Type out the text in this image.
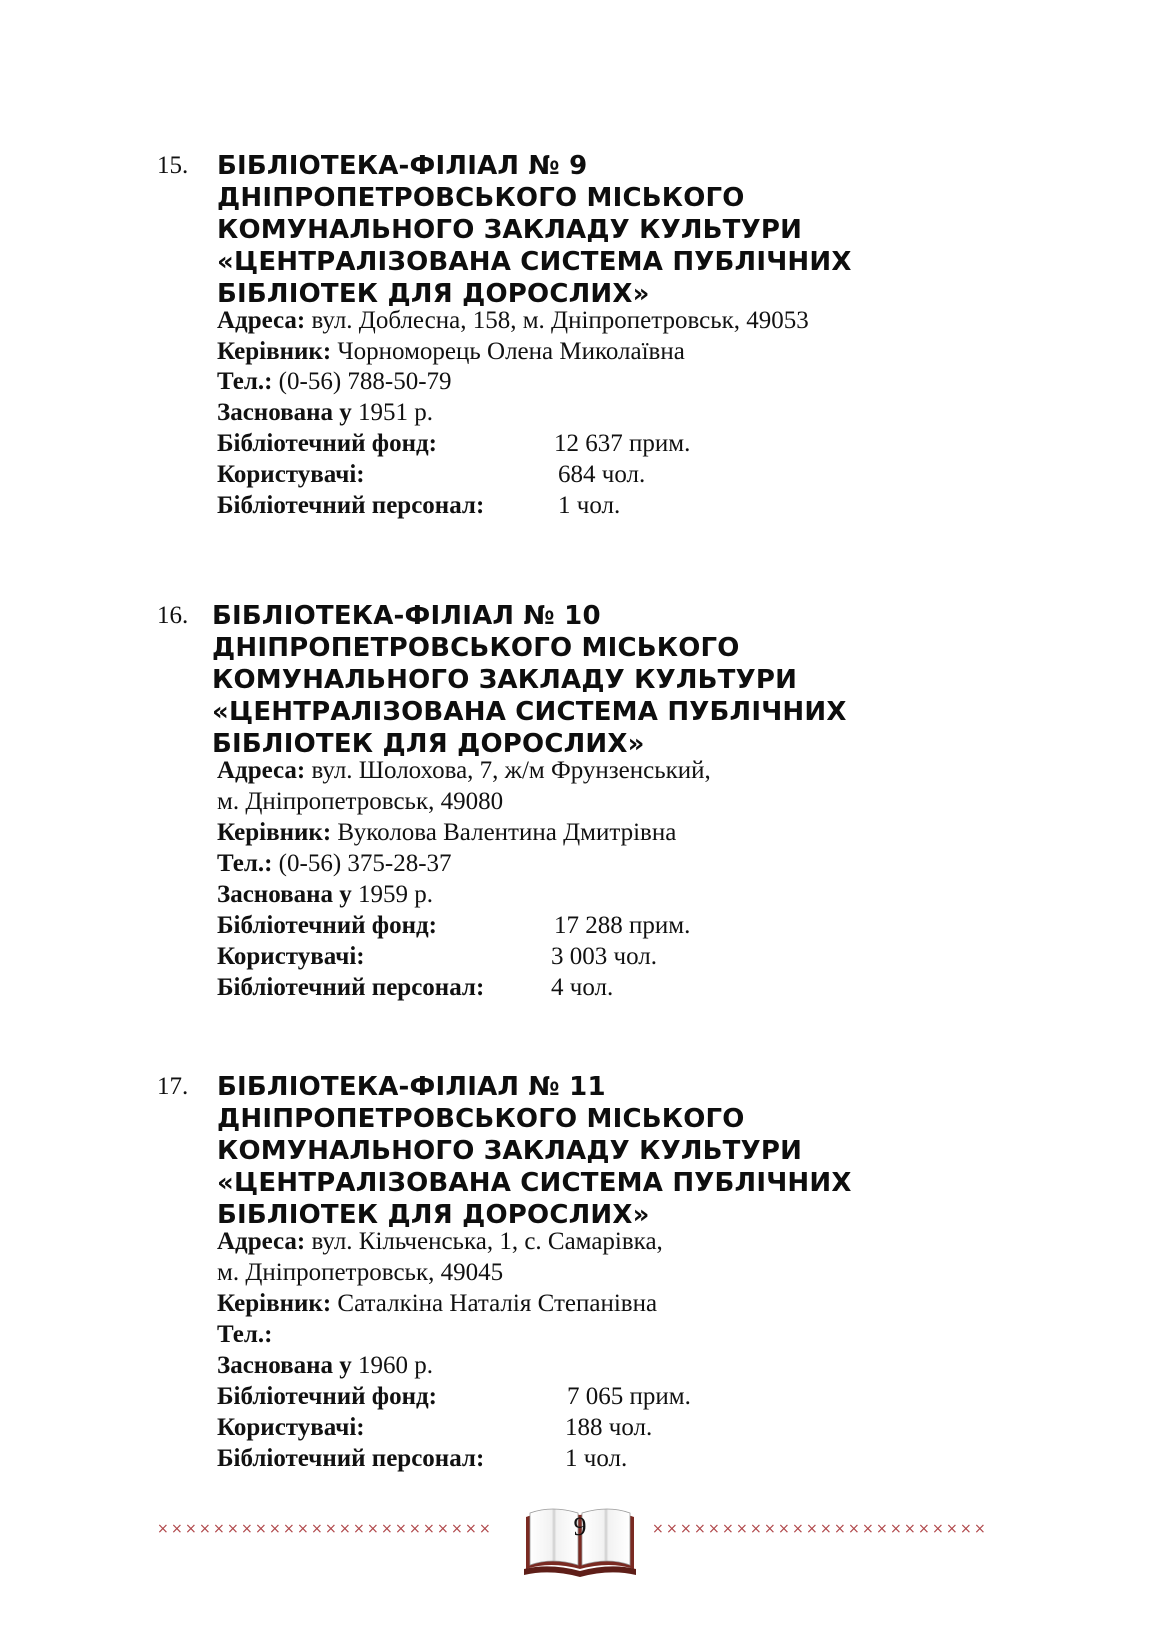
15. БІБЛІОТЕКА-ФІЛІАЛ № 9
ДНІПРОПЕТРОВСЬКОГО МІСЬКОГО
КОМУНАЛЬНОГО ЗАКЛАДУ КУЛЬТУРИ
«ЦЕНТРАЛІЗОВАНА СИСТЕМА ПУБЛІЧНИХ
БІБЛІОТЕК ДЛЯ ДОРОСЛИХ»
Адреса: вул. Доблесна, 158, м. Дніпропетровськ, 49053
Керівник: Чорноморець Олена Миколаївна
Тел.: (0-56) 788-50-79
Заснована у 1951 р.
Бібліотечний фонд:	12 637 прим.
Користувачі:	684 чол.
Бібліотечний персонал:	1 чол.
16. БІБЛІОТЕКА-ФІЛІАЛ № 10
ДНІПРОПЕТРОВСЬКОГО МІСЬКОГО
КОМУНАЛЬНОГО ЗАКЛАДУ КУЛЬТУРИ
«ЦЕНТРАЛІЗОВАНА СИСТЕМА ПУБЛІЧНИХ
БІБЛІОТЕК ДЛЯ ДОРОСЛИХ»
Адреса: вул. Шолохова, 7, ж/м Фрунзенський,
м. Дніпропетровськ, 49080
Керівник: Вуколова Валентина Дмитрівна
Тел.: (0-56) 375-28-37
Заснована у 1959 р.
Бібліотечний фонд:	17 288 прим.
Користувачі:	3 003 чол.
Бібліотечний персонал:	4 чол.
17. БІБЛІОТЕКА-ФІЛІАЛ № 11
ДНІПРОПЕТРОВСЬКОГО МІСЬКОГО
КОМУНАЛЬНОГО ЗАКЛАДУ КУЛЬТУРИ
«ЦЕНТРАЛІЗОВАНА СИСТЕМА ПУБЛІЧНИХ
БІБЛІОТЕК ДЛЯ ДОРОСЛИХ»
Адреса: вул. Кільченська, 1, с. Самарівка,
м. Дніпропетровськ, 49045
Керівник: Саталкіна Наталія Степанівна
Тел.:
Заснована у 1960 р.
Бібліотечний фонд:	7 065 прим.
Користувачі:	188 чол.
Бібліотечний персонал:	1 чол.
× × × × × × × × × × × × × × × × × × × × × × × ×	× × × × × × × × × × × × × × × × × × × × × × × ×
9
